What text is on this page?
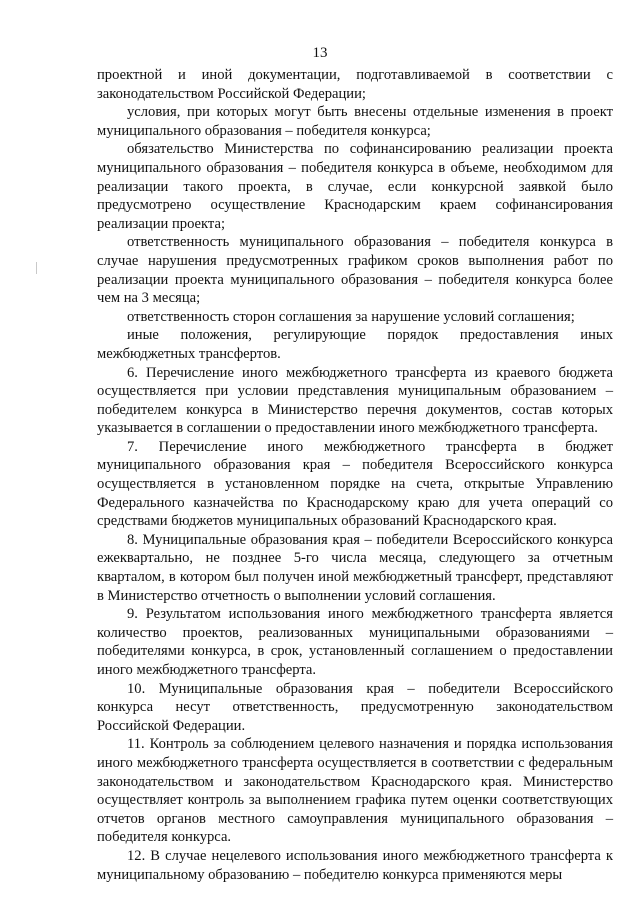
13

проектной и иной документации, подготавливаемой в соответствии с законодательством Российской Федерации;

условия, при которых могут быть внесены отдельные изменения в проект муниципального образования – победителя конкурса;

обязательство Министерства по софинансированию реализации проекта муниципального образования – победителя конкурса в объеме, необходимом для реализации такого проекта, в случае, если конкурсной заявкой было предусмотрено осуществление Краснодарским краем софинансирования реализации проекта;

ответственность муниципального образования – победителя конкурса в случае нарушения предусмотренных графиком сроков выполнения работ по реализации проекта муниципального образования – победителя конкурса более чем на 3 месяца;

ответственность сторон соглашения за нарушение условий соглашения;

иные положения, регулирующие порядок предоставления иных межбюджетных трансфертов.

6. Перечисление иного межбюджетного трансферта из краевого бюджета осуществляется при условии представления муниципальным образованием – победителем конкурса в Министерство перечня документов, состав которых указывается в соглашении о предоставлении иного межбюджетного трансферта.

7. Перечисление иного межбюджетного трансферта в бюджет муниципального образования края – победителя Всероссийского конкурса осуществляется в установленном порядке на счета, открытые Управлению Федерального казначейства по Краснодарскому краю для учета операций со средствами бюджетов муниципальных образований Краснодарского края.

8. Муниципальные образования края – победители Всероссийского конкурса ежеквартально, не позднее 5-го числа месяца, следующего за отчетным кварталом, в котором был получен иной межбюджетный трансферт, представляют в Министерство отчетность о выполнении условий соглашения.

9. Результатом использования иного межбюджетного трансферта является количество проектов, реализованных муниципальными образованиями – победителями конкурса, в срок, установленный соглашением о предоставлении иного межбюджетного трансферта.

10. Муниципальные образования края – победители Всероссийского конкурса несут ответственность, предусмотренную законодательством Российской Федерации.

11. Контроль за соблюдением целевого назначения и порядка использования иного межбюджетного трансферта осуществляется в соответствии с федеральным законодательством и законодательством Краснодарского края. Министерство осуществляет контроль за выполнением графика путем оценки соответствующих отчетов органов местного самоуправления муниципального образования – победителя конкурса.

12. В случае нецелевого использования иного межбюджетного трансферта к муниципальному образованию – победителю конкурса применяются меры
